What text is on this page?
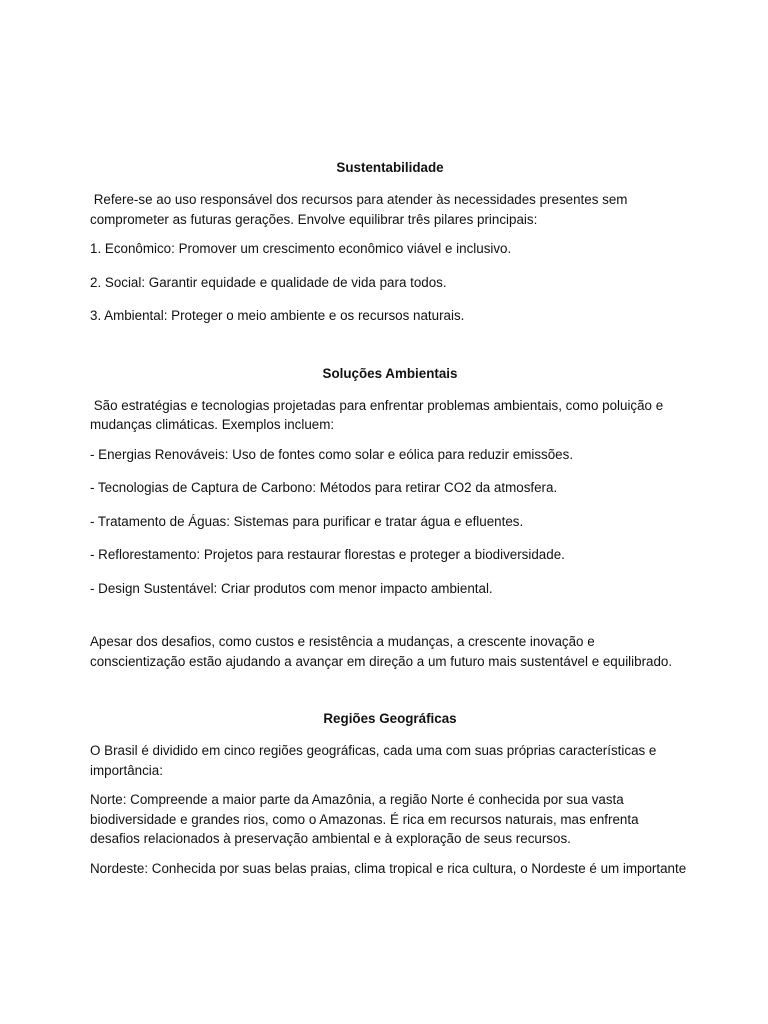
Sustentabilidade

Refere-se ao uso responsável dos recursos para atender às necessidades presentes sem comprometer as futuras gerações. Envolve equilibrar três pilares principais:

1. Econômico: Promover um crescimento econômico viável e inclusivo.

2. Social: Garantir equidade e qualidade de vida para todos.

3. Ambiental: Proteger o meio ambiente e os recursos naturais.

Soluções Ambientais

São estratégias e tecnologias projetadas para enfrentar problemas ambientais, como poluição e mudanças climáticas. Exemplos incluem:

- Energias Renováveis: Uso de fontes como solar e eólica para reduzir emissões.

- Tecnologias de Captura de Carbono: Métodos para retirar CO2 da atmosfera.

- Tratamento de Águas: Sistemas para purificar e tratar água e efluentes.

- Reflorestamento: Projetos para restaurar florestas e proteger a biodiversidade.

- Design Sustentável: Criar produtos com menor impacto ambiental.

Apesar dos desafios, como custos e resistência a mudanças, a crescente inovação e conscientização estão ajudando a avançar em direção a um futuro mais sustentável e equilibrado.

Regiões Geográficas

O Brasil é dividido em cinco regiões geográficas, cada uma com suas próprias características e importância:

Norte: Compreende a maior parte da Amazônia, a região Norte é conhecida por sua vasta biodiversidade e grandes rios, como o Amazonas. É rica em recursos naturais, mas enfrenta desafios relacionados à preservação ambiental e à exploração de seus recursos.

Nordeste: Conhecida por suas belas praias, clima tropical e rica cultura, o Nordeste é um importante
